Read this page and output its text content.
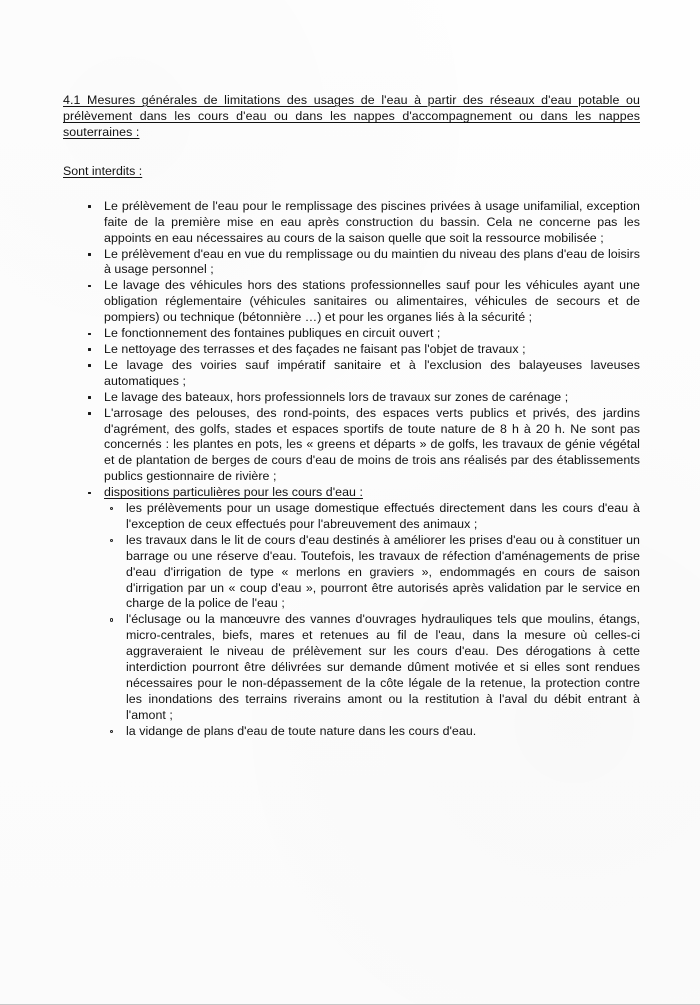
4.1 Mesures générales de limitations des usages de l'eau à partir des réseaux d'eau potable ou prélèvement dans les cours d'eau ou dans les nappes d'accompagnement ou dans les nappes souterraines :

Sont interdits :

Le prélèvement de l'eau pour le remplissage des piscines privées à usage unifamilial, exception faite de la première mise en eau après construction du bassin. Cela ne concerne pas les appoints en eau nécessaires au cours de la saison quelle que soit la ressource mobilisée ;
Le prélèvement d'eau en vue du remplissage ou du maintien du niveau des plans d'eau de loisirs à usage personnel ;
Le lavage des véhicules hors des stations professionnelles sauf pour les véhicules ayant une obligation réglementaire (véhicules sanitaires ou alimentaires, véhicules de secours et de pompiers) ou technique (bétonnière …) et pour les organes liés à la sécurité ;
Le fonctionnement des fontaines publiques en circuit ouvert ;
Le nettoyage des terrasses et des façades ne faisant pas l'objet de travaux ;
Le lavage des voiries sauf impératif sanitaire et à l'exclusion des balayeuses laveuses automatiques ;
Le lavage des bateaux, hors professionnels lors de travaux sur zones de carénage ;
L'arrosage des pelouses, des rond-points, des espaces verts publics et privés, des jardins d'agrément, des golfs, stades et espaces sportifs de toute nature de 8 h à 20 h. Ne sont pas concernés : les plantes en pots, les « greens et départs » de golfs, les travaux de génie végétal et de plantation de berges de cours d'eau de moins de trois ans réalisés par des établissements publics gestionnaire de rivière ;
dispositions particulières pour les cours d'eau :
les prélèvements pour un usage domestique effectués directement dans les cours d'eau à l'exception de ceux effectués pour l'abreuvement des animaux ;
les travaux dans le lit de cours d'eau destinés à améliorer les prises d'eau ou à constituer un barrage ou une réserve d'eau. Toutefois, les travaux de réfection d'aménagements de prise d'eau d'irrigation de type « merlons en graviers », endommagés en cours de saison d'irrigation par un « coup d'eau », pourront être autorisés après validation par le service en charge de la police de l'eau ;
l'éclusage ou la manœuvre des vannes d'ouvrages hydrauliques tels que moulins, étangs, micro-centrales, biefs, mares et retenues au fil de l'eau, dans la mesure où celles-ci aggraveraient le niveau de prélèvement sur les cours d'eau. Des dérogations à cette interdiction pourront être délivrées sur demande dûment motivée et si elles sont rendues nécessaires pour le non-dépassement de la côte légale de la retenue, la protection contre les inondations des terrains riverains amont ou la restitution à l'aval du débit entrant à l'amont ;
la vidange de plans d'eau de toute nature dans les cours d'eau.
